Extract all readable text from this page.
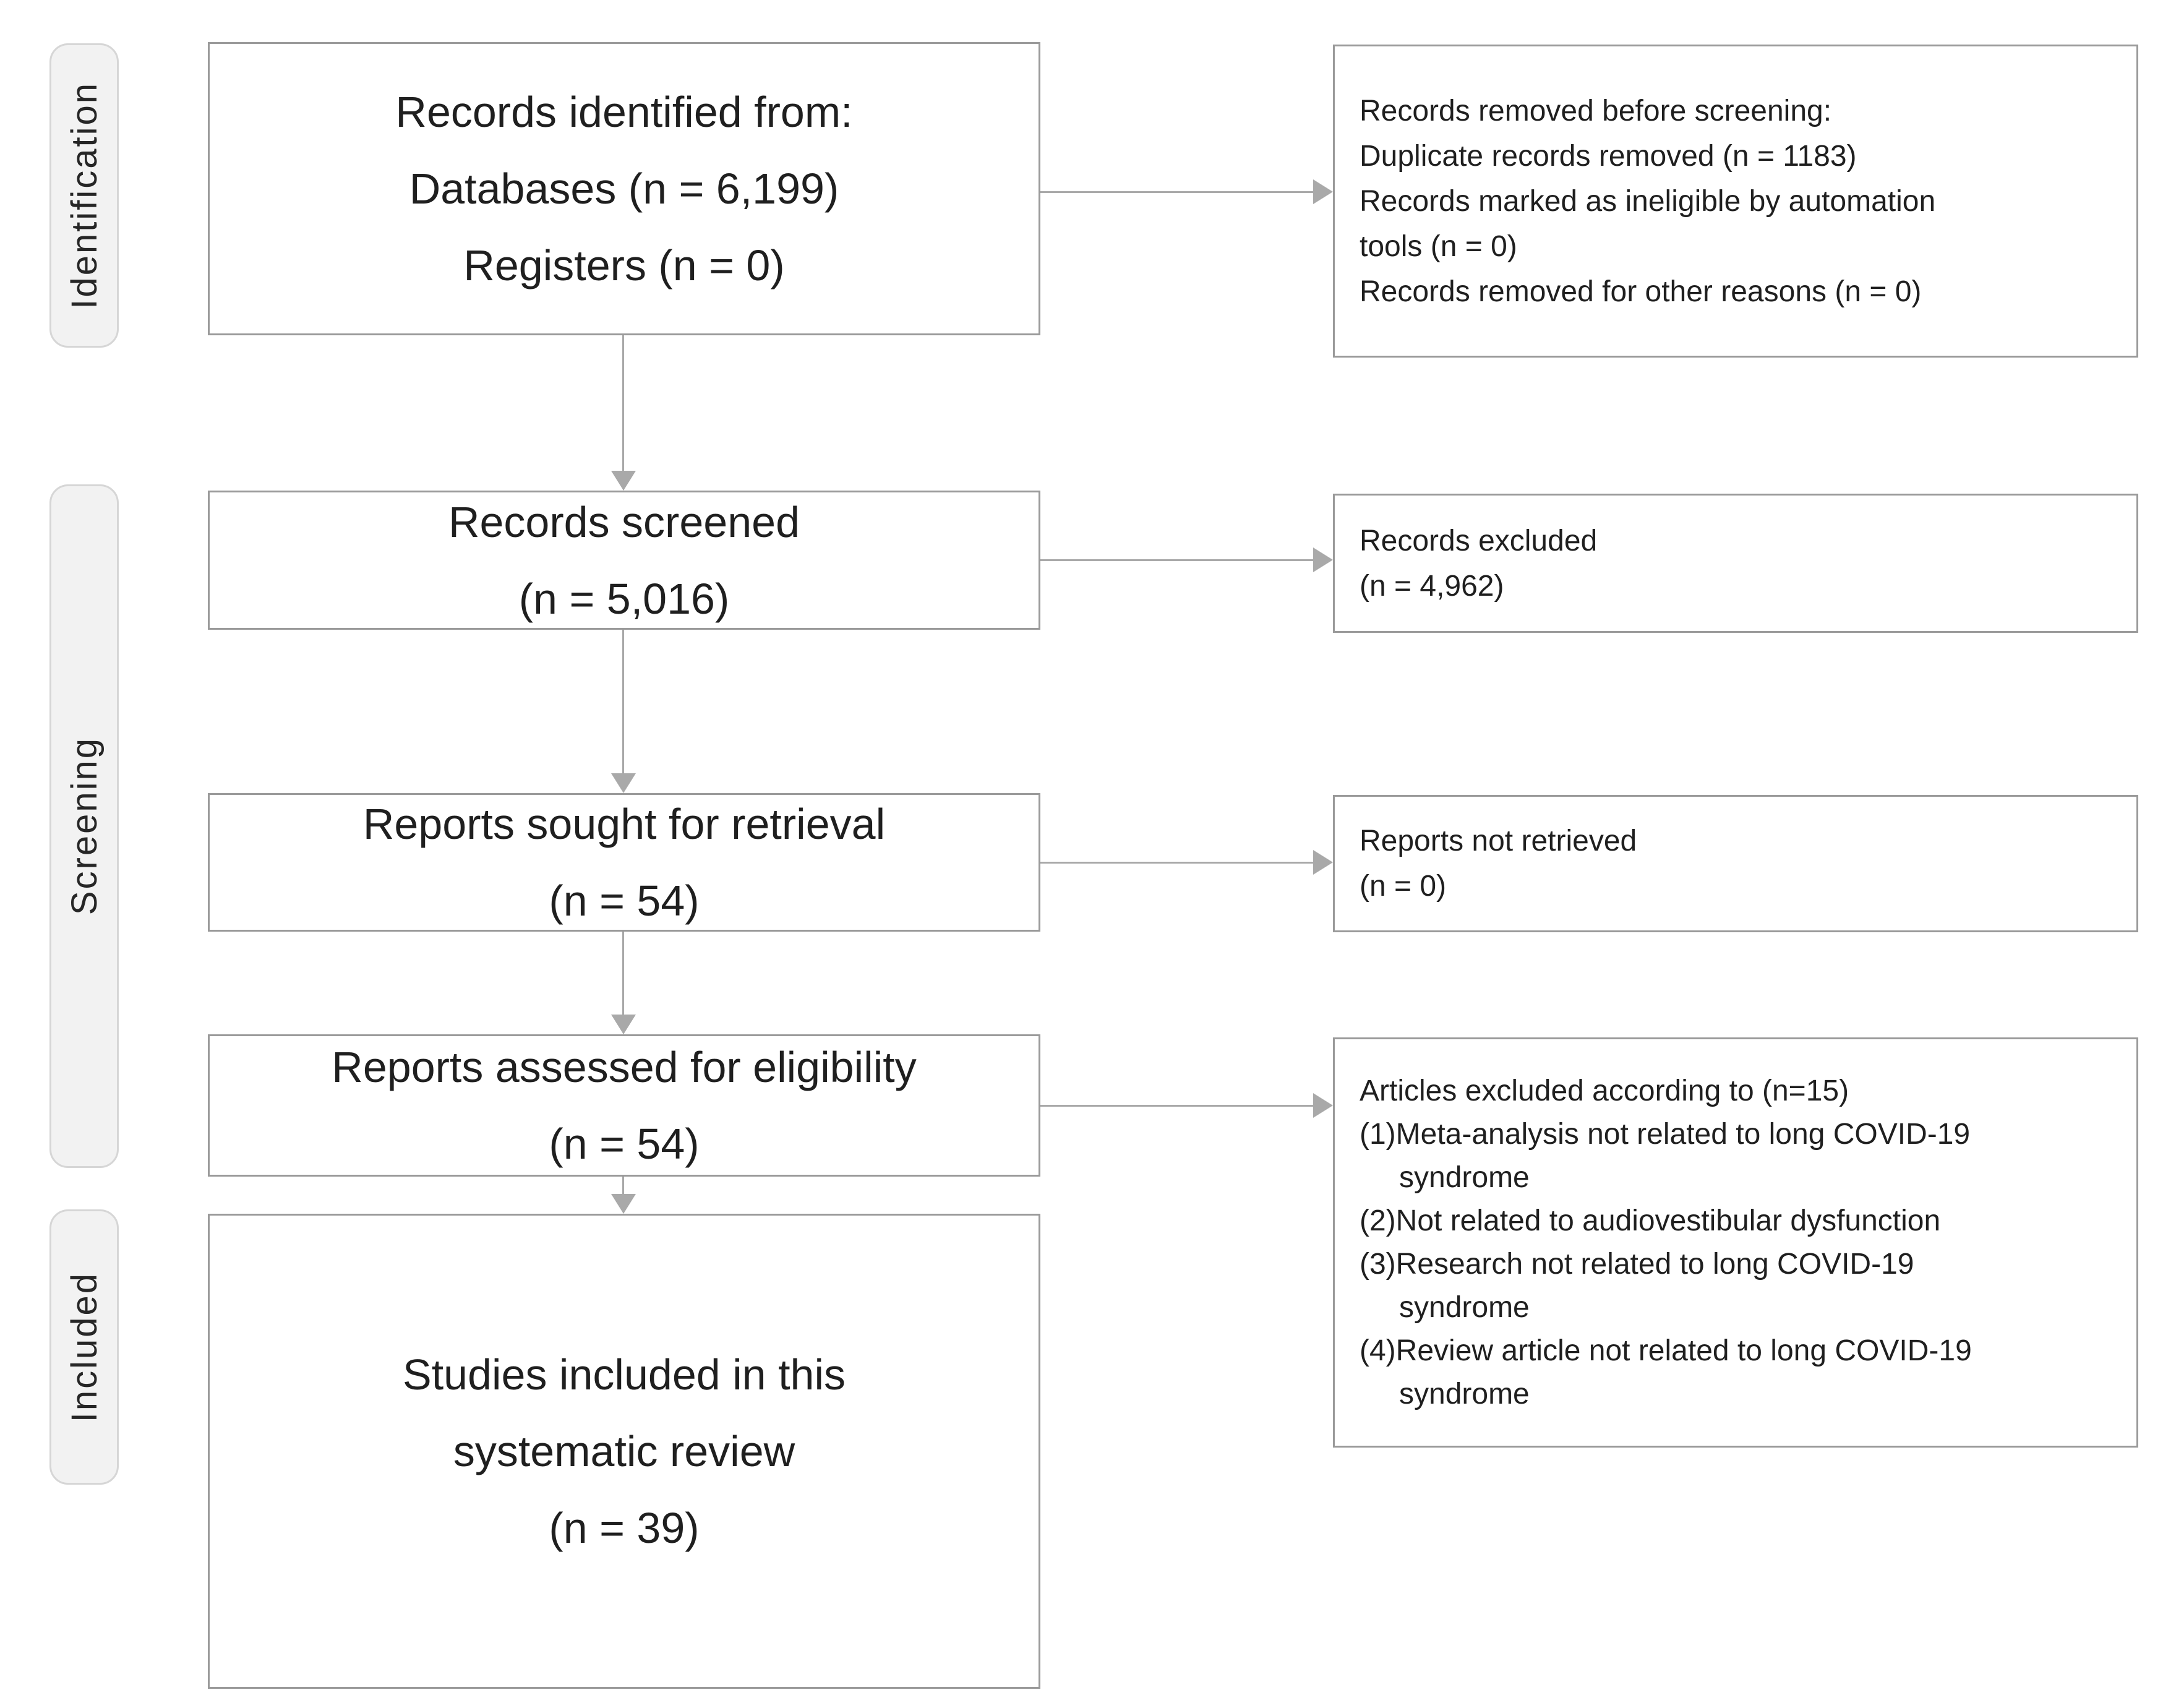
Identification
Screening
Included
Records identified from:
Databases (n = 6,199)
Registers (n = 0)
Records screened
(n = 5,016)
Reports sought for retrieval
(n = 54)
Reports assessed for eligibility
(n = 54)
Studies included in this
systematic review
(n = 39)
Records removed before screening:
Duplicate records removed (n = 1183)
Records marked as ineligible by automation
tools (n = 0)
Records removed for other reasons (n = 0)
Records excluded
(n = 4,962)
Reports not retrieved
(n = 0)
Articles excluded according to (n=15)
(1)Meta-analysis not related to long COVID-19
syndrome
(2)Not related to audiovestibular dysfunction
(3)Research not related to long COVID-19
syndrome
(4)Review article not related to long COVID-19
syndrome
